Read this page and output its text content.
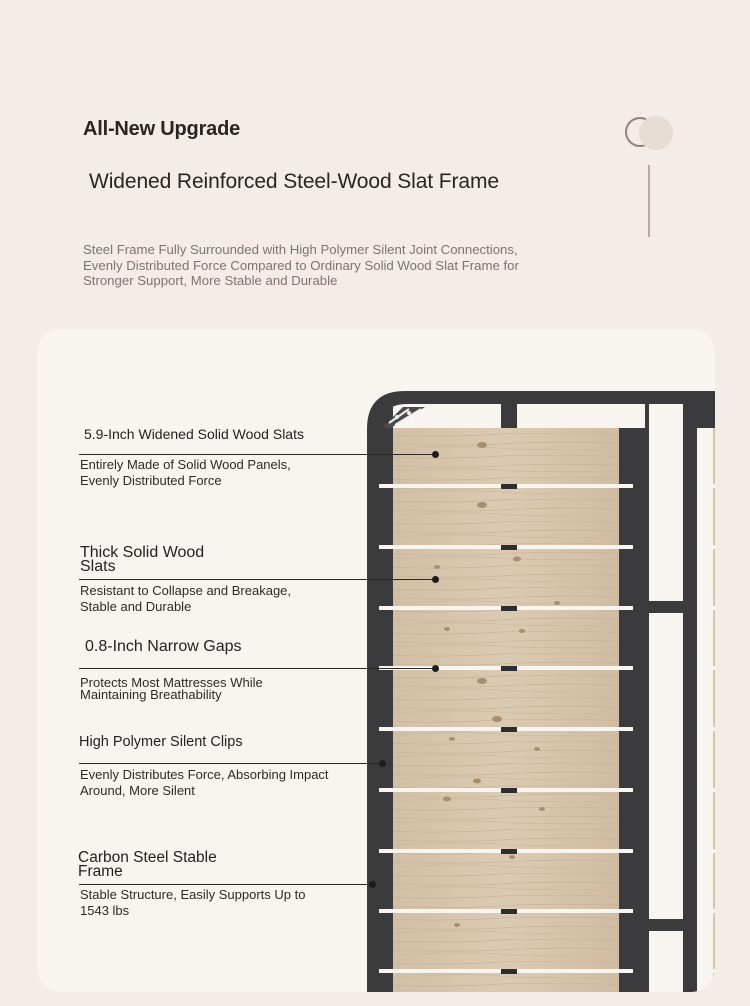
All-New Upgrade
Widened Reinforced Steel-Wood Slat Frame
Steel Frame Fully Surrounded with High Polymer Silent Joint Connections, Evenly Distributed Force Compared to Ordinary Solid Wood Slat Frame for Stronger Support, More Stable and Durable
5.9-Inch Widened Solid Wood Slats
Entirely Made of Solid Wood Panels,
Evenly Distributed Force
Thick Solid Wood
Slats
Resistant to Collapse and Breakage,
Stable and Durable
0.8-Inch Narrow Gaps
Protects Most Mattresses While
Maintaining Breathability
High Polymer Silent Clips
Evenly Distributes Force, Absorbing Impact
Around, More Silent
Carbon Steel Stable
Frame
Stable Structure, Easily Supports Up to
1543 lbs
